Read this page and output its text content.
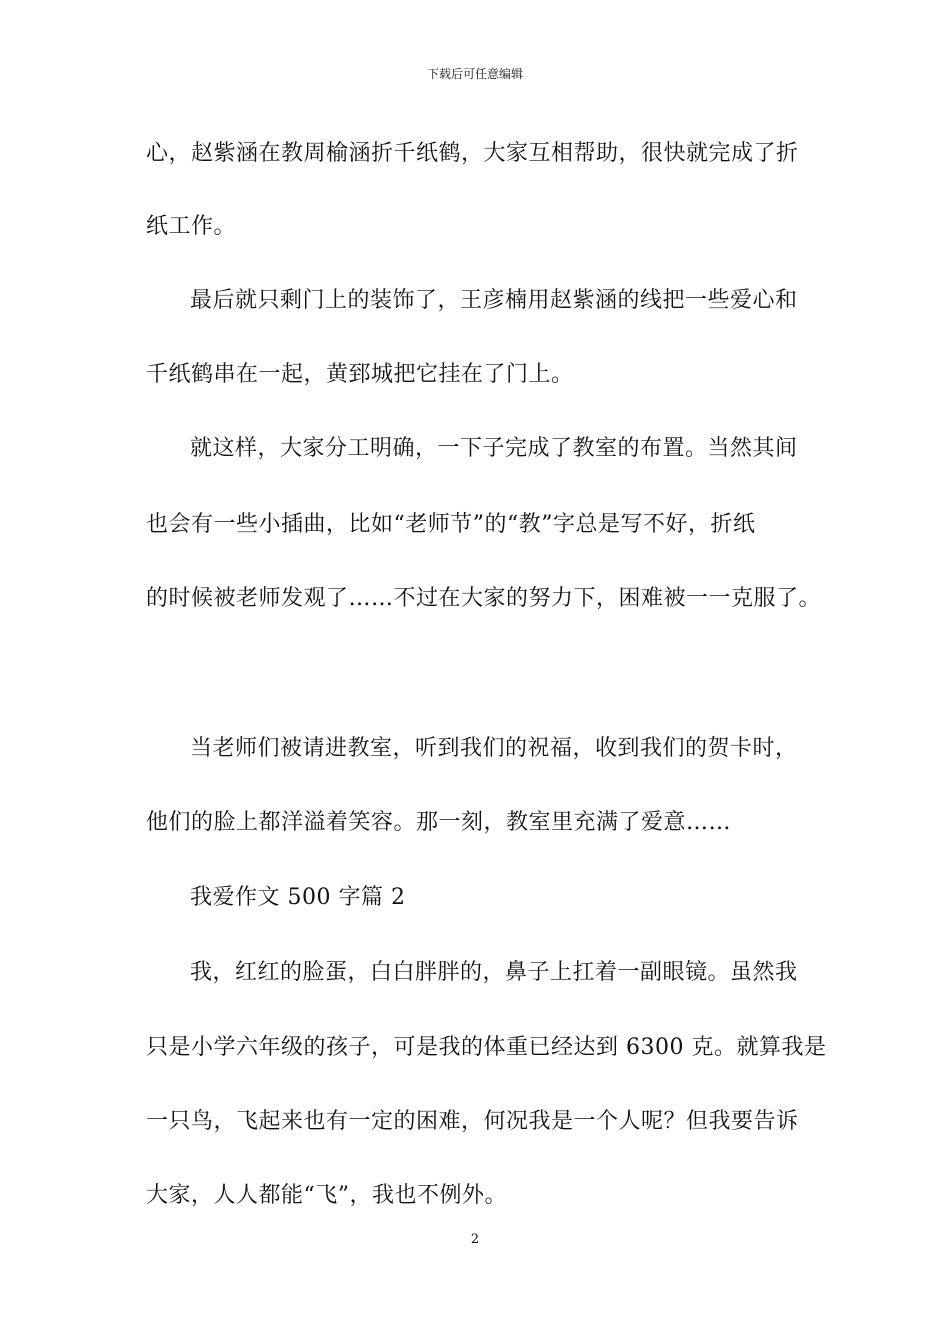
下载后可任意编辑
心，赵紫涵在教周榆涵折千纸鹤，大家互相帮助，很快就完成了折
纸工作。
最后就只剩门上的装饰了，王彦楠用赵紫涵的线把一些爱心和
千纸鹤串在一起，黄郅城把它挂在了门上。
就这样，大家分工明确，一下子完成了教室的布置。当然其间
也会有一些小插曲，比如“老师节”的“教”字总是写不好，折纸
的时候被老师发观了……不过在大家的努力下，困难被一一克服了。
当老师们被请进教室，听到我们的祝福，收到我们的贺卡时，
他们的脸上都洋溢着笑容。那一刻，教室里充满了爱意……
我爱作文 500 字篇 2
我，红红的脸蛋，白白胖胖的，鼻子上扛着一副眼镜。虽然我
只是小学六年级的孩子，可是我的体重已经达到 6300 克。就算我是
一只鸟，飞起来也有一定的困难，何况我是一个人呢？但我要告诉
大家，人人都能“飞”，我也不例外。
2
